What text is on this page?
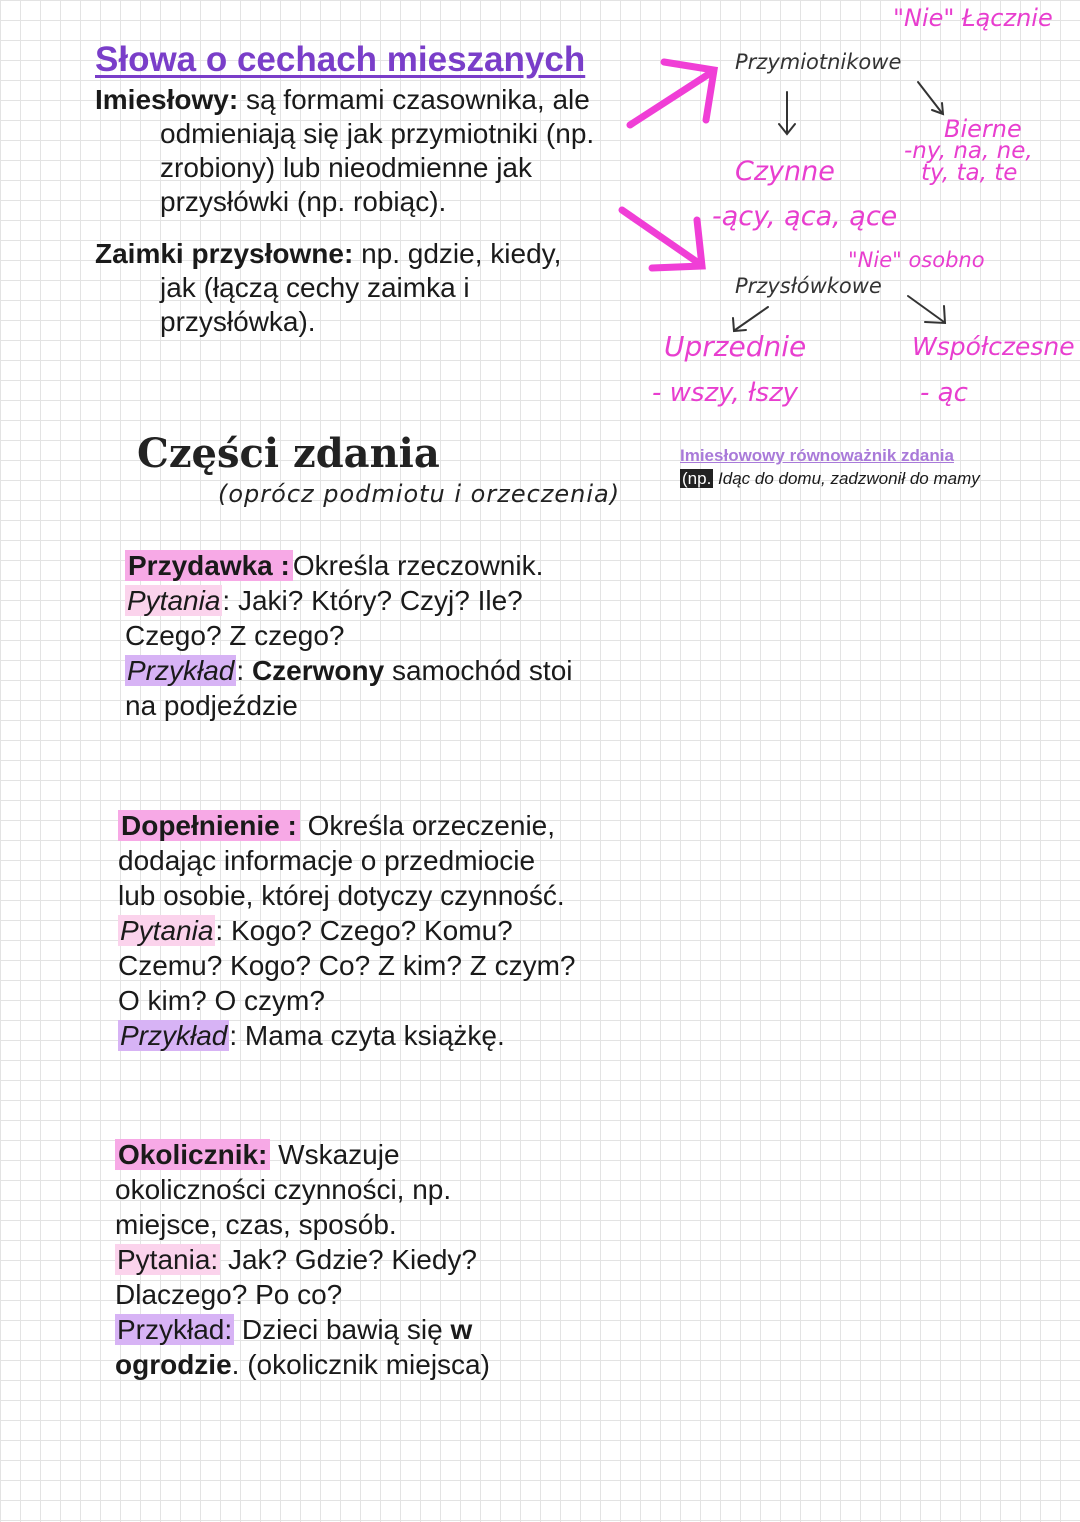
Słowa o cechach mieszanych
Imiesłowy: są formami czasownika, ale
odmieniają się jak przymiotniki (np.
zrobiony) lub nieodmienne jak
przysłówki (np. robiąc).
Zaimki przysłowne: np. gdzie, kiedy,
jak (łączą cechy zaimka i
przysłówka).
"Nie" Łącznie
Przymiotnikowe
Bierne
-ny, na, ne,
ty, ta, te
Czynne
-ący, ąca, ące
"Nie" osobno
Przysłówkowe
Uprzednie	Współczesne
- wszy, łszy	- ąc
Imiesłowowy równoważnik zdania
(np. Idąc do domu, zadzwonił do mamy
Części zdania
(oprócz podmiotu i orzeczenia)
Przydawka : Określa rzeczownik.
Pytania: Jaki? Który? Czyj? Ile? Czego? Z czego?
Przykład: Czerwony samochód stoi na podjeździe
Dopełnienie : Określa orzeczenie, dodając informacje o przedmiocie lub osobie, której dotyczy czynność.
Pytania: Kogo? Czego? Komu? Czemu? Kogo? Co? Z kim? Z czym? O kim? O czym?
Przykład: Mama czyta książkę.
Okolicznik: Wskazuje okoliczności czynności, np. miejsce, czas, sposób.
Pytania: Jak? Gdzie? Kiedy? Dlaczego? Po co?
Przykład: Dzieci bawią się w ogrodzie. (okolicznik miejsca)
